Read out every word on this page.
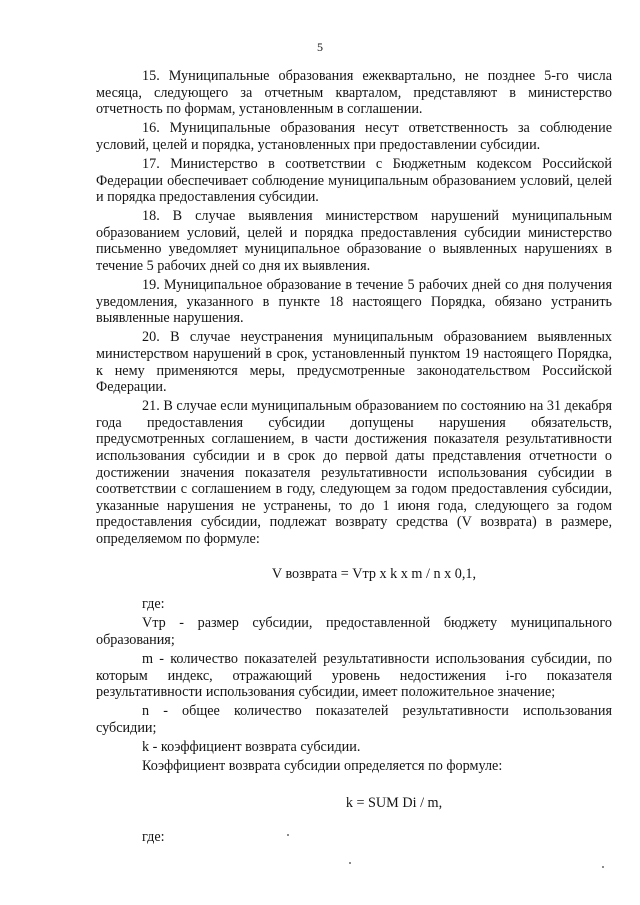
5

15. Муниципальные образования ежеквартально, не позднее 5-го числа месяца, следующего за отчетным кварталом, представляют в министерство отчетность по формам, установленным в соглашении.

16. Муниципальные образования несут ответственность за соблюдение условий, целей и порядка, установленных при предоставлении субсидии.

17. Министерство в соответствии с Бюджетным кодексом Российской Федерации обеспечивает соблюдение муниципальным образованием условий, целей и порядка предоставления субсидии.

18. В случае выявления министерством нарушений муниципальным образованием условий, целей и порядка предоставления субсидии министерство письменно уведомляет муниципальное образование о выявленных нарушениях в течение 5 рабочих дней со дня их выявления.

19. Муниципальное образование в течение 5 рабочих дней со дня получения уведомления, указанного в пункте 18 настоящего Порядка, обязано устранить выявленные нарушения.

20. В случае неустранения муниципальным образованием выявленных министерством нарушений в срок, установленный пунктом 19 настоящего Порядка, к нему применяются меры, предусмотренные законодательством Российской Федерации.

21. В случае если муниципальным образованием по состоянию на 31 декабря года предоставления субсидии допущены нарушения обязательств, предусмотренных соглашением, в части достижения показателя результативности использования субсидии и в срок до первой даты представления отчетности о достижении значения показателя результативности использования субсидии в соответствии с соглашением в году, следующем за годом предоставления субсидии, указанные нарушения не устранены, то до 1 июня года, следующего за годом предоставления субсидии, подлежат возврату средства (V возврата) в размере, определяемом по формуле:

V возврата = Vтр x k x m / n x 0,1,

где:

Vтр - размер субсидии, предоставленной бюджету муниципального образования;

m - количество показателей результативности использования субсидии, по которым индекс, отражающий уровень недостижения i-го показателя результативности использования субсидии, имеет положительное значение;

n - общее количество показателей результативности использования субсидии;

k - коэффициент возврата субсидии.

Коэффициент возврата субсидии определяется по формуле:

k = SUM Di / m,

где:
